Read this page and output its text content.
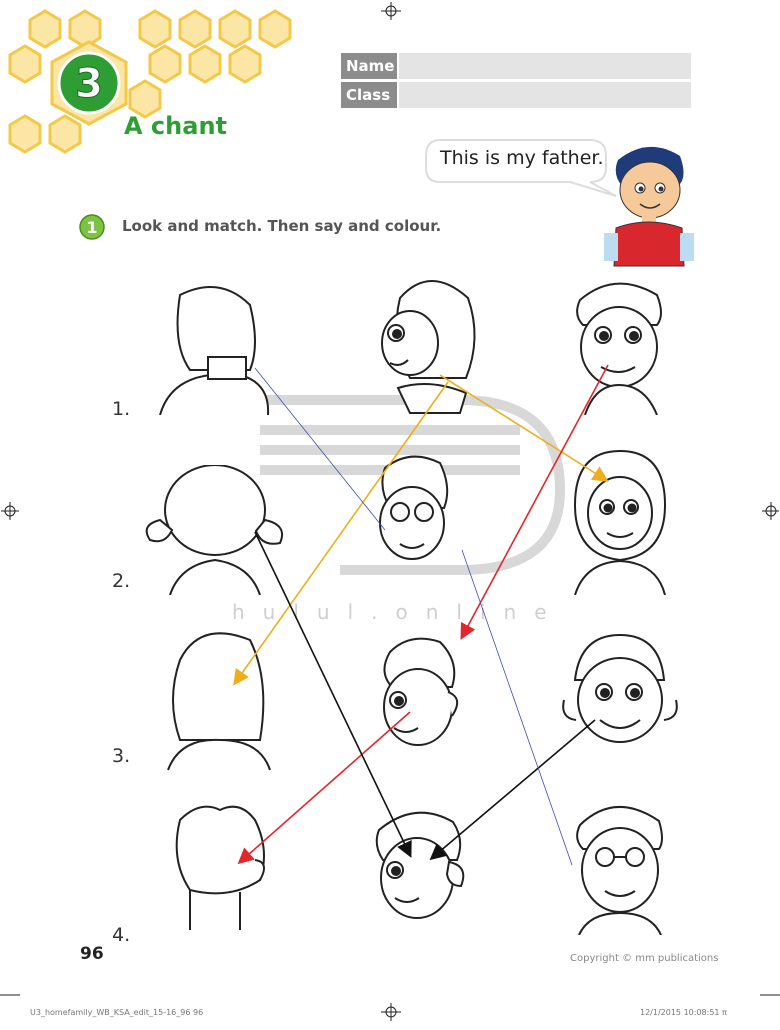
3
A chant
Name
Class
This is my father.
1 Look and match. Then say and colour.
hulul.online
1.
2.
3.
4.
96	Copyright © mm publications
U3_homefamily_WB_KSA_edit_15-16_96 96	12/1/2015 10:08:51 π
